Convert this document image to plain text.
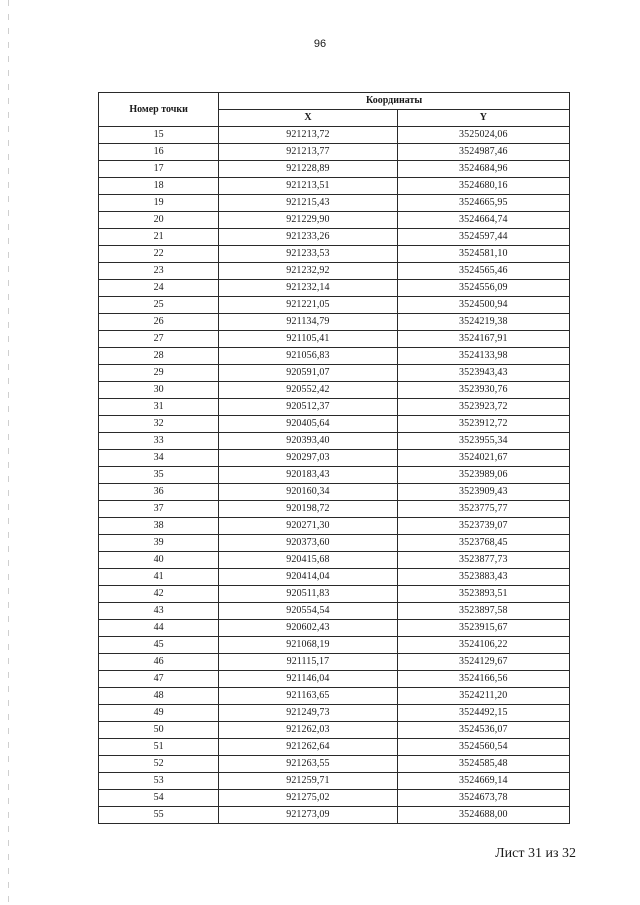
96
Номер точки	Координаты	
	X	Y
15	921213,72	3525024,06
16	921213,77	3524987,46
17	921228,89	3524684,96
18	921213,51	3524680,16
19	921215,43	3524665,95
20	921229,90	3524664,74
21	921233,26	3524597,44
22	921233,53	3524581,10
23	921232,92	3524565,46
24	921232,14	3524556,09
25	921221,05	3524500,94
26	921134,79	3524219,38
27	921105,41	3524167,91
28	921056,83	3524133,98
29	920591,07	3523943,43
30	920552,42	3523930,76
31	920512,37	3523923,72
32	920405,64	3523912,72
33	920393,40	3523955,34
34	920297,03	3524021,67
35	920183,43	3523989,06
36	920160,34	3523909,43
37	920198,72	3523775,77
38	920271,30	3523739,07
39	920373,60	3523768,45
40	920415,68	3523877,73
41	920414,04	3523883,43
42	920511,83	3523893,51
43	920554,54	3523897,58
44	920602,43	3523915,67
45	921068,19	3524106,22
46	921115,17	3524129,67
47	921146,04	3524166,56
48	921163,65	3524211,20
49	921249,73	3524492,15
50	921262,03	3524536,07
51	921262,64	3524560,54
52	921263,55	3524585,48
53	921259,71	3524669,14
54	921275,02	3524673,78
55	921273,09	3524688,00
Лист 31 из 32
